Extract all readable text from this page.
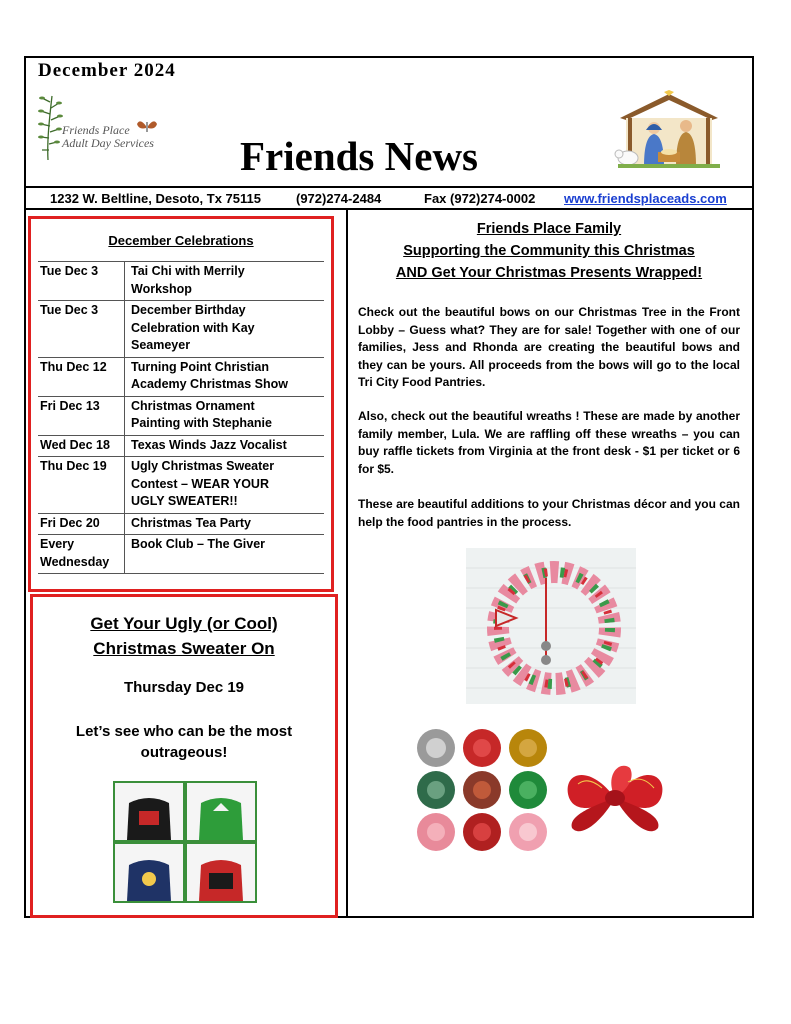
December 2024
Friends Place
Adult Day Services Friends News
1232 W. Beltline, Desoto, Tx 75115	(972)274-2484	Fax (972)274-0002 www.friendsplaceads.com
December Celebrations
Tue Dec 3	Tai Chi with Merrily
Workshop
Tue Dec 3	December Birthday
Celebration with Kay
Seameyer
Thu Dec 12	Turning Point Christian
Academy Christmas Show
Fri Dec 13	Christmas Ornament
Painting with Stephanie
Wed Dec 18	Texas Winds Jazz Vocalist
Thu Dec 19	Ugly Christmas Sweater
Contest – WEAR YOUR
UGLY SWEATER!!
Fri Dec 20	Christmas Tea Party
Every
Wednesday	Book Club – The Giver
Get Your Ugly (or Cool)
Christmas Sweater On
Thursday Dec 19
Let’s see who can be the most
outrageous!
Friends Place Family
Supporting the Community this Christmas
AND Get Your Christmas Presents Wrapped!

Check out the beautiful bows on our Christmas Tree in the Front Lobby – Guess what? They are for sale! Together with one of our families, Jess and Rhonda are creating the beautiful bows and they can be yours. All proceeds from the bows will go to the local Tri City Food Pantries.

Also, check out the beautiful wreaths ! These are made by another family member, Lula. We are raffling off these wreaths – you can buy raffle tickets from Virginia at the front desk - $1 per ticket or 6 for $5.

These are beautiful additions to your Christmas décor and you can help the food pantries in the process.
